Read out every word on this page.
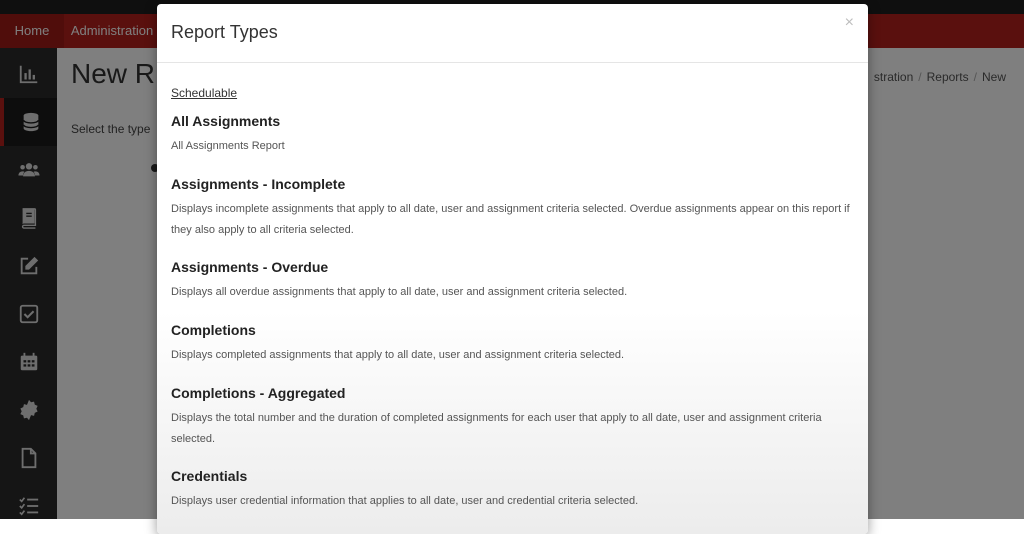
Report Types	×
Schedulable
All Assignments
All Assignments Report
Assignments - Incomplete
Displays incomplete assignments that apply to all date, user and assignment criteria selected. Overdue assignments appear on this report if they also apply to all criteria selected.
Assignments - Overdue
Displays all overdue assignments that apply to all date, user and assignment criteria selected.
Completions
Displays completed assignments that apply to all date, user and assignment criteria selected.
Completions - Aggregated
Displays the total number and the duration of completed assignments for each user that apply to all date, user and assignment criteria selected.
Credentials
Displays user credential information that applies to all date, user and credential criteria selected.
